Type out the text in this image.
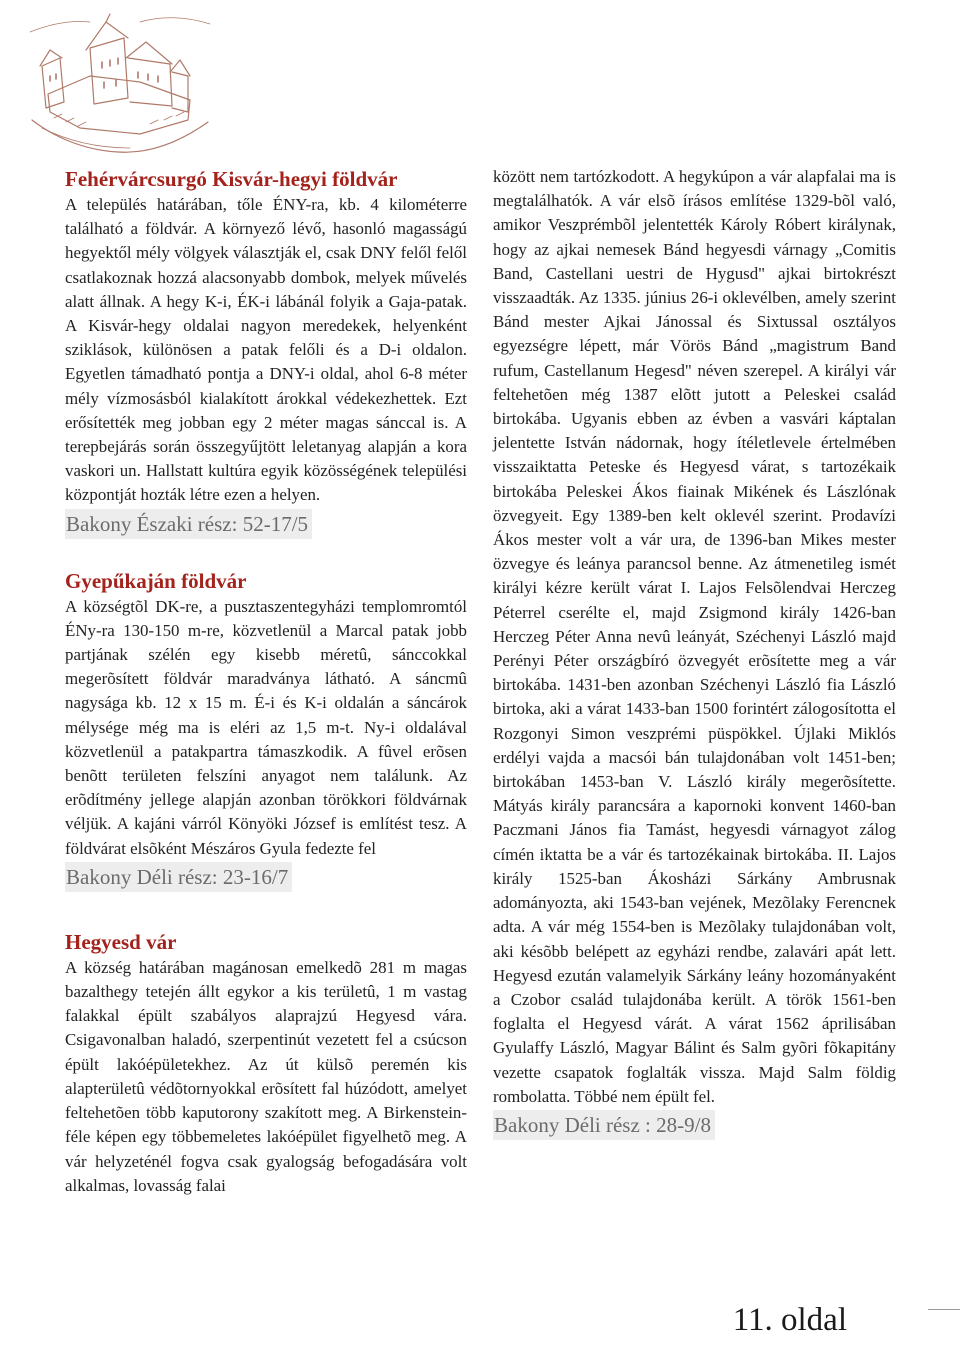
Fehérvárcsurgó Kisvár-hegyi földvár

A település határában, tőle ÉNY-ra, kb. 4 kilométerre található a földvár. A környező lévő, hasonló magasságú hegyektől mély völgyek választják el, csak DNY felől felől csatlakoznak hozzá alacsonyabb dombok, melyek művelés alatt állnak. A hegy K-i, ÉK-i lábánál folyik a Gaja-patak. A Kisvár-hegy oldalai nagyon meredekek, helyenként sziklások, különösen a patak felőli és a D-i oldalon. Egyetlen támadható pontja a DNY-i oldal, ahol 6-8 méter mély vízmosásból kialakított árokkal védekezhettek. Ezt erősítették meg jobban egy 2 méter magas sánccal is. A terepbejárás során összegyűjtött leletanyag alapján a kora vaskori un. Hallstatt kultúra egyik közösségének települési központját hozták létre ezen a helyen.

Bakony Északi rész: 52-17/5
Gyepűkaján földvár

A községtõl DK-re, a pusztaszentegyházi templomromtól ÉNy-ra 130-150 m-re, közvetlenül a Marcal patak jobb partjának szélén egy kisebb méretû, sánccokkal megerõsített földvár maradványa látható. A sáncmû nagysága kb. 12 x 15 m. É-i és K-i oldalán a sáncárok mélysége még ma is eléri az 1,5 m-t. Ny-i oldalával közvetlenül a patakpartra támaszkodik. A fûvel erõsen benõtt területen felszíni anyagot nem találunk. Az erõdítmény jellege alapján azonban törökkori földvárnak véljük. A kajáni várról Könyöki József is említést tesz. A földvárat elsõként Mészáros Gyula fedezte fel

Bakony Déli rész: 23-16/7
Hegyesd vár

A község határában magánosan emelkedõ 281 m magas bazalthegy tetején állt egykor a kis területû, 1 m vastag falakkal épült szabályos alaprajzú Hegyesd vára. Csigavonalban haladó, szerpentinút vezetett fel a csúcson épült lakóépületekhez. Az út külsõ peremén kis alapterületû védõtornyokkal erõsített fal húzódott, amelyet feltehetõen több kaputorony szakított meg. A Birkenstein-féle képen egy többemeletes lakóépület figyelhetõ meg. A vár helyzeténél fogva csak gyalogság befogadására volt alkalmas, lovasság falai

között nem tartózkodott. A hegykúpon a vár alapfalai ma is megtalálhatók. A vár elsõ írásos említése 1329-bõl való, amikor Veszprémbõl jelentették Károly Róbert királynak, hogy az ajkai nemesek Bánd hegyesdi várnagy „Comitis Band, Castellani uestri de Hygusd" ajkai birtokrészt visszaadták. Az 1335. június 26-i oklevélben, amely szerint Bánd mester Ajkai Jánossal és Sixtussal osztályos egyezségre lépett, már Vörös Bánd „magistrum Band rufum, Castellanum Hegesd" néven szerepel. A királyi vár feltehetõen még 1387 elõtt jutott a Peleskei család birtokába. Ugyanis ebben az évben a vasvári káptalan jelentette István nádornak, hogy ítéletlevele értelmében visszaiktatta Peteske és Hegyesd várat, s tartozékaik birtokába Peleskei Ákos fiainak Mikének és Lászlónak özvegyeit. Egy 1389-ben kelt oklevél szerint. Prodavízi Ákos mester volt a vár ura, de 1396-ban Mikes mester özvegye és leánya parancsol benne. Az átmenetileg ismét királyi kézre került várat I. Lajos Felsõlendvai Herczeg Péterrel cserélte el, majd Zsigmond király 1426-ban Herczeg Péter Anna nevû leányát, Széchenyi László majd Perényi Péter országbíró özvegyét erõsítette meg a vár birtokába. 1431-ben azonban Széchenyi László fia László birtoka, aki a várat 1433-ban 1500 forintért zálogosította el Rozgonyi Simon veszprémi püspökkel. Újlaki Miklós erdélyi vajda a macsói bán tulajdonában volt 1451-ben; birtokában 1453-ban V. László király megerõsítette. Mátyás király parancsára a kapornoki konvent 1460-ban Paczmani János fia Tamást, hegyesdi várnagyot zálog címén iktatta be a vár és tartozékainak birtokába. II. Lajos király 1525-ban Ákosházi Sárkány Ambrusnak adományozta, aki 1543-ban vejének, Mezõlaky Ferencnek adta. A vár még 1554-ben is Mezõlaky tulajdonában volt, aki késõbb belépett az egyházi rendbe, zalavári apát lett. Hegyesd ezután valamelyik Sárkány leány hozományaként a Czobor család tulajdonába került. A török 1561-ben foglalta el Hegyesd várát. A várat 1562 áprilisában Gyulaffy László, Magyar Bálint és Salm gyõri fõkapitány vezette csapatok foglalták vissza. Majd Salm földig rombolatta. Többé nem épült fel.

Bakony Déli rész : 28-9/8
11. oldal
